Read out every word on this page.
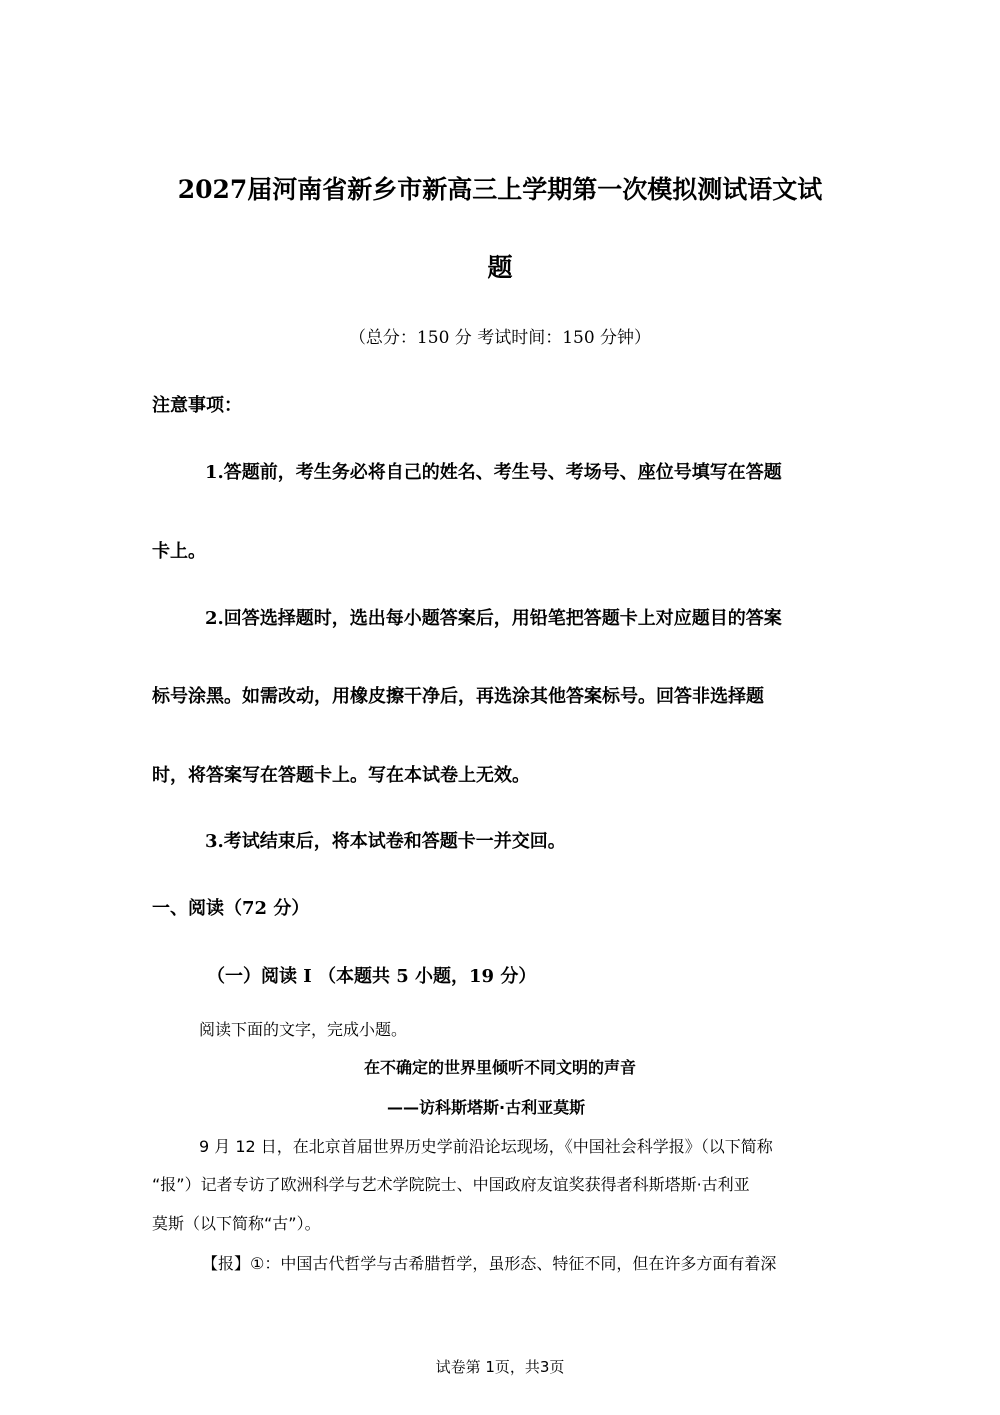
2027届河南省新乡市新高三上学期第一次模拟测试语文试
题
（总分：150 分 考试时间：150 分钟）
注意事项：
1.答题前，考生务必将自己的姓名、考生号、考场号、座位号填写在答题
卡上。
2.回答选择题时，选出每小题答案后，用铅笔把答题卡上对应题目的答案
标号涂黑。如需改动，用橡皮擦干净后，再选涂其他答案标号。回答非选择题
时，将答案写在答题卡上。写在本试卷上无效。
3.考试结束后，将本试卷和答题卡一并交回。
一、阅读（72 分）
（一）阅读 I （本题共 5 小题，19 分）
阅读下面的文字，完成小题。
在不确定的世界里倾听不同文明的声音
——访科斯塔斯·古利亚莫斯
9 月 12 日，在北京首届世界历史学前沿论坛现场，《中国社会科学报》（以下简称
“报”）记者专访了欧洲科学与艺术学院院士、中国政府友谊奖获得者科斯塔斯·古利亚
莫斯（以下简称“古”）。
【报】①：中国古代哲学与古希腊哲学，虽形态、特征不同，但在许多方面有着深
试卷第 1页，共3页
